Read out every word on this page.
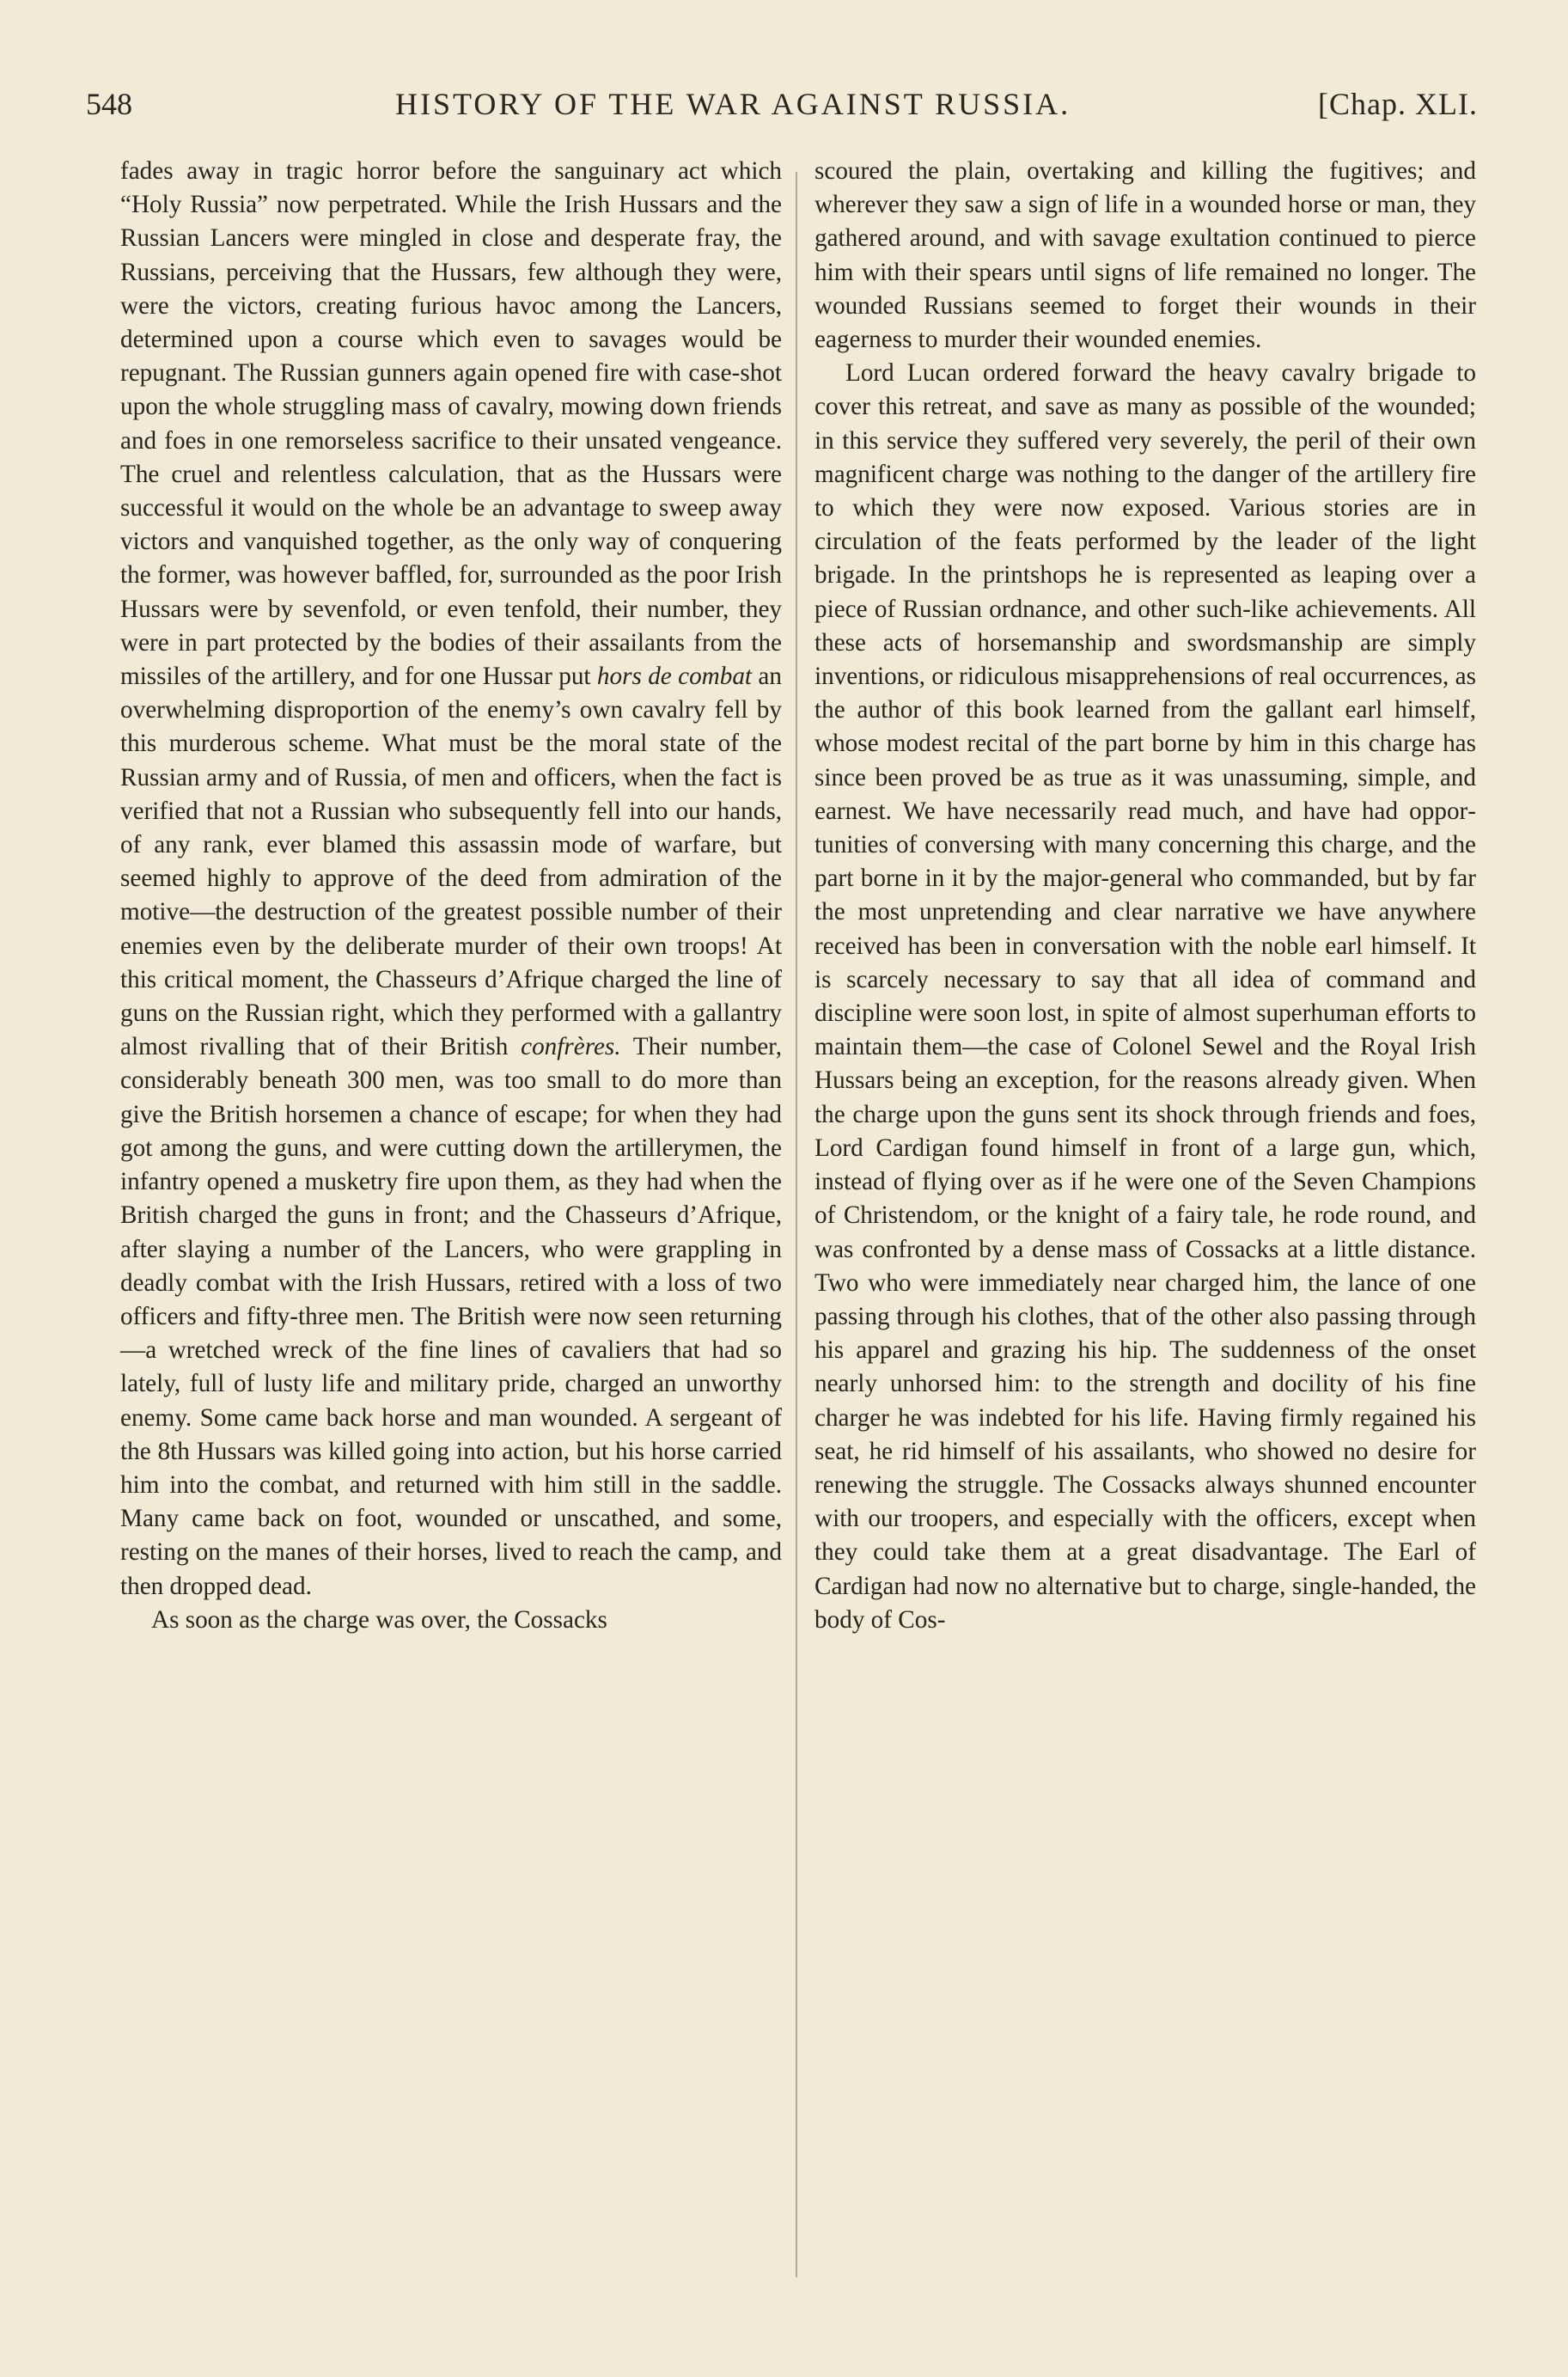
548	HISTORY OF THE WAR AGAINST RUSSIA.	[Chap. XLI.

fades away in tragic horror before the sanguinary act which “Holy Russia” now perpetrated. While the Irish Hussars and the Russian Lancers were mingled in close and desperate fray, the Russians, perceiving that the Hussars, few although they were, were the victors, creating furious havoc among the Lancers, determined upon a course which even to savages would be repugnant. The Russian gunners again opened fire with case-shot upon the whole struggling mass of cavalry, mowing down friends and foes in one remorseless sacrifice to their unsated vengeance. The cruel and relentless calculation, that as the Hussars were successful it would on the whole be an advantage to sweep away victors and vanquished together, as the only way of conquering the former, was however baffled, for, surrounded as the poor Irish Hussars were by sevenfold, or even tenfold, their number, they were in part protected by the bodies of their assailants from the missiles of the artillery, and for one Hussar put hors de combat an overwhelming disproportion of the enemy’s own cavalry fell by this murderous scheme. What must be the moral state of the Russian army and of Russia, of men and officers, when the fact is verified that not a Russian who subsequently fell into our hands, of any rank, ever blamed this assassin mode of warfare, but seemed highly to approve of the deed from admiration of the motive—the destruction of the greatest possible number of their enemies even by the deliberate murder of their own troops! At this critical moment, the Chasseurs d’Afrique charged the line of guns on the Russian right, which they performed with a gallantry almost rivalling that of their British confrères. Their number, considerably beneath 300 men, was too small to do more than give the British horsemen a chance of escape; for when they had got among the guns, and were cutting down the artillerymen, the infantry opened a musketry fire upon them, as they had when the British charged the guns in front; and the Chasseurs d’Afrique, after slaying a number of the Lancers, who were grappling in deadly combat with the Irish Hussars, retired with a loss of two officers and fifty-three men. The British were now seen returning—a wretched wreck of the fine lines of cavaliers that had so lately, full of lusty life and military pride, charged an unworthy enemy. Some came back horse and man wounded. A sergeant of the 8th Hussars was killed going into action, but his horse carried him into the combat, and returned with him still in the saddle. Many came back on foot, wounded or unscathed, and some, resting on the manes of their horses, lived to reach the camp, and then dropped dead.

As soon as the charge was over, the Cossacks

scoured the plain, overtaking and killing the fugitives; and wherever they saw a sign of life in a wounded horse or man, they gathered around, and with savage exultation continued to pierce him with their spears until signs of life remained no longer. The wounded Russians seemed to forget their wounds in their eagerness to murder their wounded enemies.

Lord Lucan ordered forward the heavy cavalry brigade to cover this retreat, and save as many as possible of the wounded; in this service they suffered very severely, the peril of their own magnificent charge was nothing to the danger of the artillery fire to which they were now exposed. Various stories are in circulation of the feats performed by the leader of the light brigade. In the printshops he is represented as leaping over a piece of Russian ordnance, and other such-like achievements. All these acts of horsemanship and swordsmanship are simply inventions, or ridiculous misapprehensions of real occurrences, as the author of this book learned from the gallant earl himself, whose modest recital of the part borne by him in this charge has since been proved be as true as it was unassuming, simple, and earnest. We have necessarily read much, and have had opportunities of conversing with many concerning this charge, and the part borne in it by the major-general who commanded, but by far the most unpretending and clear narrative we have anywhere received has been in conversation with the noble earl himself. It is scarcely necessary to say that all idea of command and discipline were soon lost, in spite of almost superhuman efforts to maintain them—the case of Colonel Sewel and the Royal Irish Hussars being an exception, for the reasons already given. When the charge upon the guns sent its shock through friends and foes, Lord Cardigan found himself in front of a large gun, which, instead of flying over as if he were one of the Seven Champions of Christendom, or the knight of a fairy tale, he rode round, and was confronted by a dense mass of Cossacks at a little distance. Two who were immediately near charged him, the lance of one passing through his clothes, that of the other also passing through his apparel and grazing his hip. The suddenness of the onset nearly unhorsed him: to the strength and docility of his fine charger he was indebted for his life. Having firmly regained his seat, he rid himself of his assailants, who showed no desire for renewing the struggle. The Cossacks always shunned encounter with our troopers, and especially with the officers, except when they could take them at a great disadvantage. The Earl of Cardigan had now no alternative but to charge, single-handed, the body of Cos-
